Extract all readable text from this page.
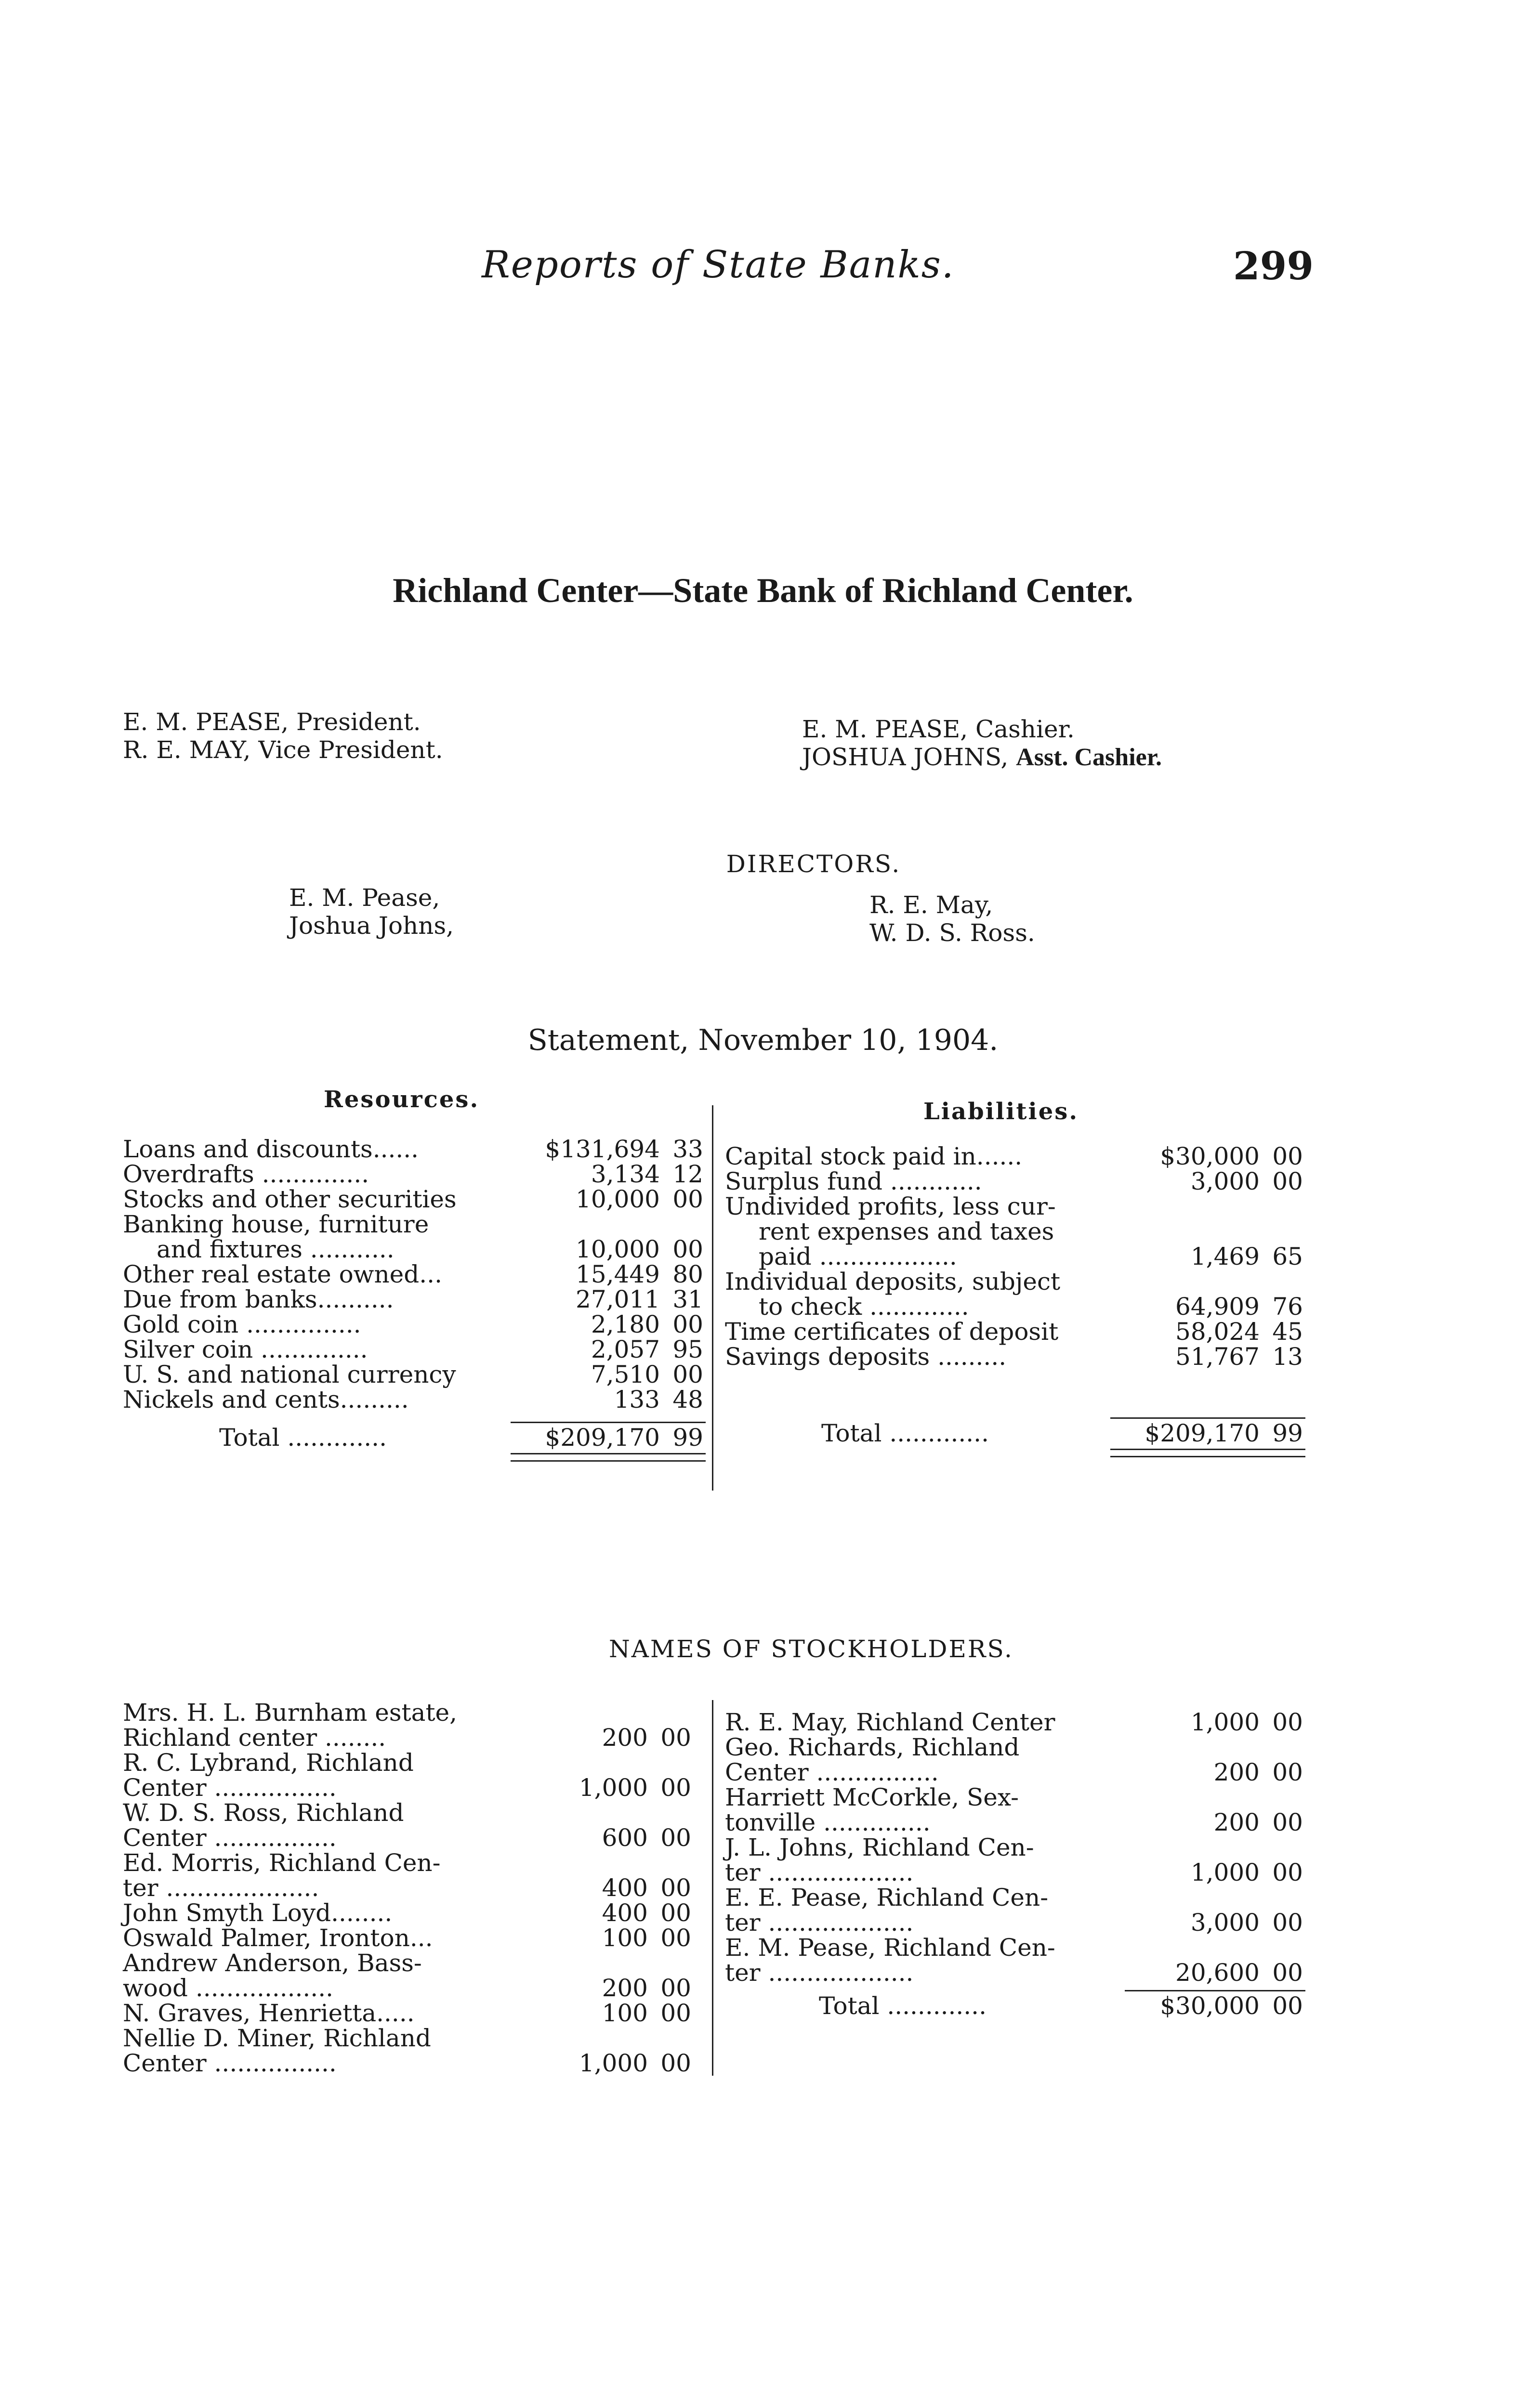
Reports of State Banks.	299
Richland Center—State Bank of Richland Center.
E. M. PEASE, President.
R. E. MAY, Vice President.
E. M. PEASE, Cashier.
JOSHUA JOHNS, Asst. Cashier.
DIRECTORS.
E. M. Pease,
Joshua Johns,
R. E. May,
W. D. S. Ross.
Statement, November 10, 1904.
Resources.	Liabilities.
Loans and discounts......	$131,694 33
Overdrafts ..............	3,134 12
Stocks and other securities	10,000 00
Banking house, furniture
and fixtures ...........	10,000 00
Other real estate owned...	15,449 80
Due from banks..........	27,011 31
Gold coin ...............	2,180 00
Silver coin ..............	2,057 95
U. S. and national currency	7,510 00
Nickels and cents.........	133 48
Total .............	$209,170 99
Capital stock paid in......	$30,000 00
Surplus fund ............	3,000 00
Undivided profits, less cur-
rent expenses and taxes
paid ..................	1,469 65
Individual deposits, subject
to check .............	64,909 76
Time certificates of deposit	58,024 45
Savings deposits .........	51,767 13
Total .............	$209,170 99
NAMES OF STOCKHOLDERS.
Mrs. H. L. Burnham estate,
Richland center ........	200 00
R. C. Lybrand, Richland
Center ................	1,000 00
W. D. S. Ross, Richland
Center ................	600 00
Ed. Morris, Richland Cen-
ter ....................	400 00
John Smyth Loyd........	400 00
Oswald Palmer, Ironton...	100 00
Andrew Anderson, Bass-
wood ..................	200 00
N. Graves, Henrietta.....	100 00
Nellie D. Miner, Richland
Center ................	1,000 00
R. E. May, Richland Center	1,000 00
Geo. Richards, Richland
Center ................	200 00
Harriett McCorkle, Sex-
tonville ..............	200 00
J. L. Johns, Richland Cen-
ter ...................	1,000 00
E. E. Pease, Richland Cen-
ter ...................	3,000 00
E. M. Pease, Richland Cen-
ter ...................	20,600 00
Total .............	$30,000 00
